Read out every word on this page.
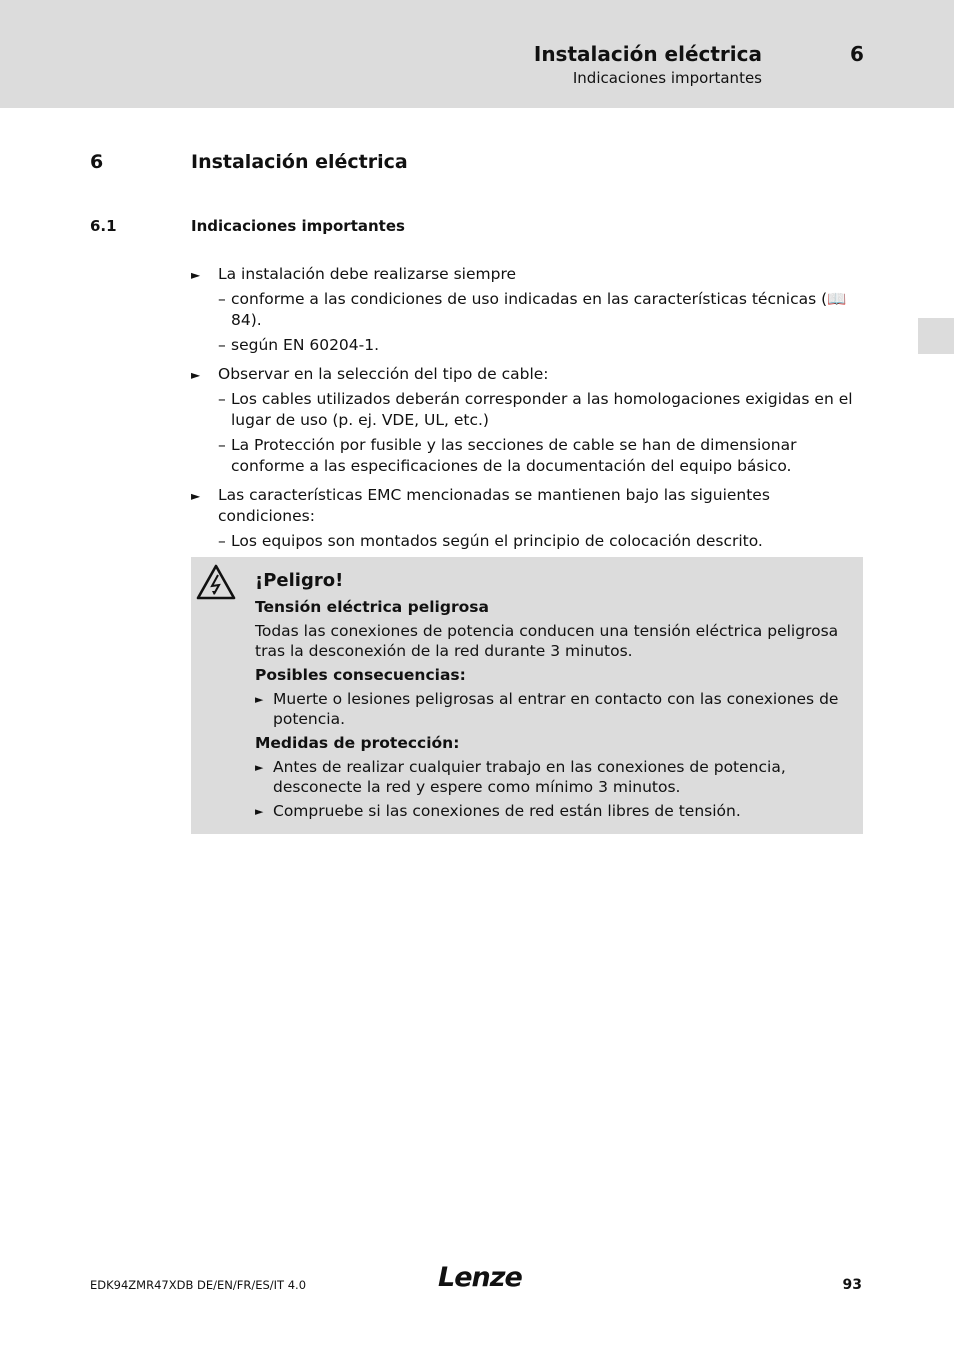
Instalación eléctrica	6
Indicaciones importantes
6	Instalación eléctrica
6.1	Indicaciones importantes
► La instalación debe realizarse siempre
– conforme a las condiciones de uso indicadas en las características técnicas (📖 84).
– según EN 60204-1.
► Observar en la selección del tipo de cable:
– Los cables utilizados deberán corresponder a las homologaciones exigidas en el lugar de uso (p. ej. VDE, UL, etc.)
– La Protección por fusible y las secciones de cable se han de dimensionar conforme a las especificaciones de la documentación del equipo básico.
► Las características EMC mencionadas se mantienen bajo las siguientes condiciones:
– Los equipos son montados según el principio de colocación descrito.
¡Peligro!
Tensión eléctrica peligrosa
Todas las conexiones de potencia conducen una tensión eléctrica peligrosa tras la desconexión de la red durante 3 minutos.
Posibles consecuencias:
► Muerte o lesiones peligrosas al entrar en contacto con las conexiones de potencia.
Medidas de protección:
► Antes de realizar cualquier trabajo en las conexiones de potencia, desconecte la red y espere como mínimo 3 minutos.
► Compruebe si las conexiones de red están libres de tensión.
EDK94ZMR47XDB DE/EN/FR/ES/IT 4.0	Lenze	93
